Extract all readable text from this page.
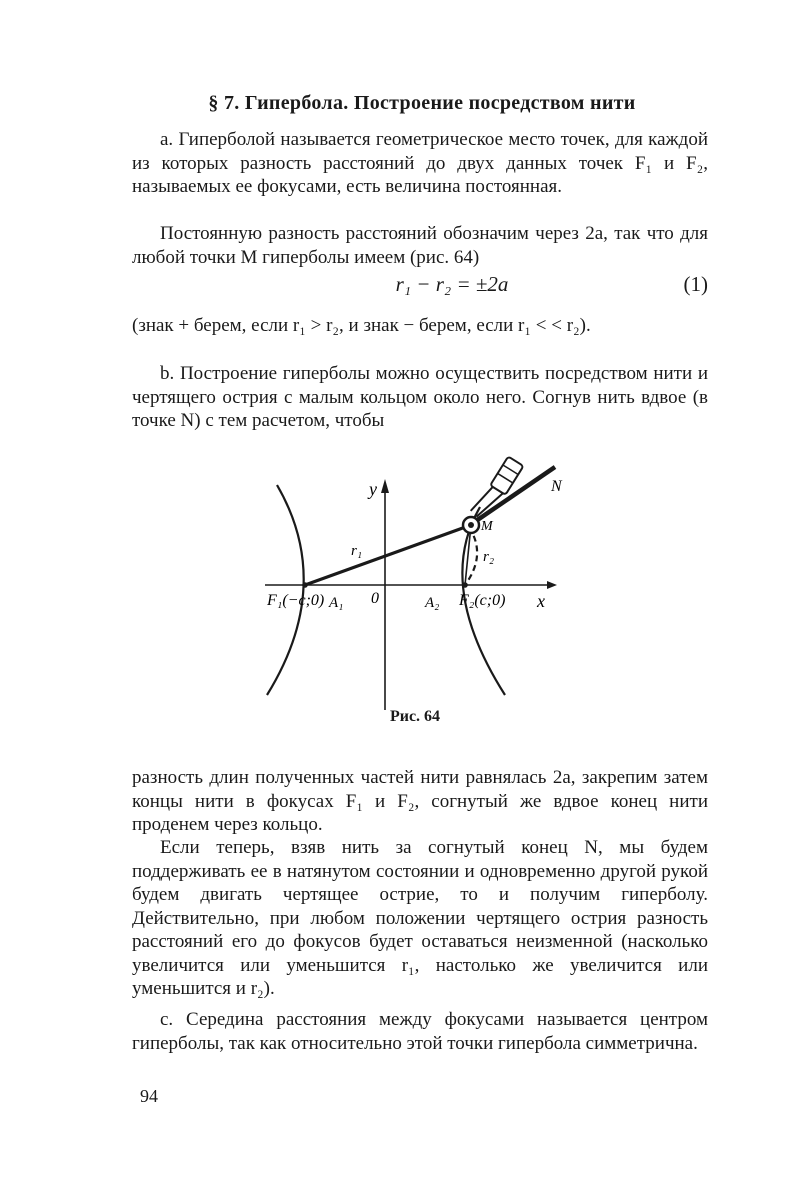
§ 7. Гипербола. Построение посредством нити

а. Гиперболой называется геометрическое место точек, для каждой из которых разность расстояний до двух данных точек F₁ и F₂, называемых ее фокусами, есть величина постоянная.

Постоянную разность расстояний обозначим через 2a, так что для любой точки M гиперболы имеем (рис. 64)

r₁ − r₂ = ±2a	(1)

(знак + берем, если r₁ > r₂, и знак − берем, если r₁ < < r₂).

b. Построение гиперболы можно осуществить посредством нити и чертящего острия с малым кольцом около него. Согнув нить вдвое (в точке N) с тем расчетом, чтобы

y
x
0
F₁(−c;0) A₁	A₂ F₂(c;0)
M
N
r₁	r₂
Рис. 64

разность длин полученных частей нити равнялась 2a, закрепим затем концы нити в фокусах F₁ и F₂, согнутый же вдвое конец нити проденем через кольцо.

Если теперь, взяв нить за согнутый конец N, мы будем поддерживать ее в натянутом состоянии и одновременно другой рукой будем двигать чертящее острие, то и получим гиперболу. Действительно, при любом положении чертящего острия разность расстояний его до фокусов будет оставаться неизменной (насколько увеличится или уменьшится r₁, настолько же увеличится или уменьшится и r₂).

с. Середина расстояния между фокусами называется центром гиперболы, так как относительно этой точки гипербола симметрична.

94
